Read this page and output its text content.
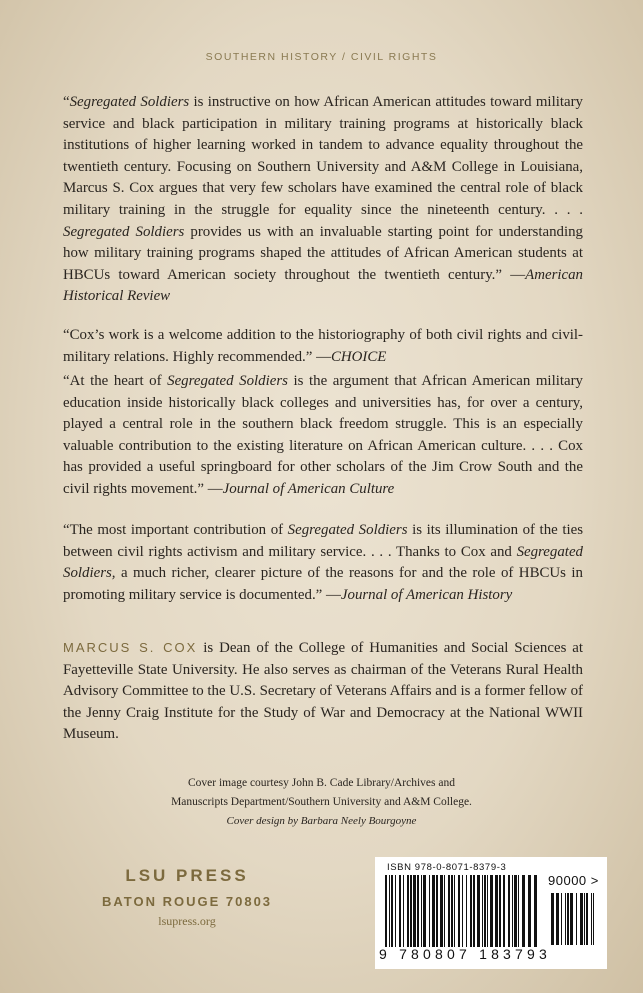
SOUTHERN HISTORY / CIVIL RIGHTS

“Segregated Soldiers is instructive on how African American attitudes toward military service and black participation in military training programs at historically black institutions of higher learning worked in tandem to advance equality throughout the twentieth century. Focusing on Southern University and A&M College in Louisiana, Marcus S. Cox argues that very few scholars have examined the central role of black military training in the struggle for equality since the nineteenth century. . . . Segregated Soldiers provides us with an invaluable starting point for understanding how military training programs shaped the attitudes of African American students at HBCUs toward American society throughout the twentieth century.” —American Historical Review

“Cox’s work is a welcome addition to the historiography of both civil rights and civil-military relations. Highly recommended.” —CHOICE

“At the heart of Segregated Soldiers is the argument that African American military education inside historically black colleges and universities has, for over a century, played a central role in the southern black freedom struggle. This is an especially valuable contribution to the existing literature on African American culture. . . . Cox has provided a useful springboard for other scholars of the Jim Crow South and the civil rights movement.” —Journal of American Culture

“The most important contribution of Segregated Soldiers is its illumination of the ties between civil rights activism and military service. . . . Thanks to Cox and Segregated Soldiers, a much richer, clearer picture of the reasons for and the role of HBCUs in promoting military service is documented.” —Journal of American History

MARCUS S. COX is Dean of the College of Humanities and Social Sciences at Fayetteville State University. He also serves as chairman of the Veterans Rural Health Advisory Committee to the U.S. Secretary of Veterans Affairs and is a former fellow of the Jenny Craig Institute for the Study of War and Democracy at the National WWII Museum.

Cover image courtesy John B. Cade Library/Archives and
Manuscripts Department/Southern University and A&M College.

Cover design by Barbara Neely Bourgoyne

LSU PRESS
BATON ROUGE 70803
lsupress.org
ISBN 978-0-8071-8379-3
90000 >
9 780807 183793
